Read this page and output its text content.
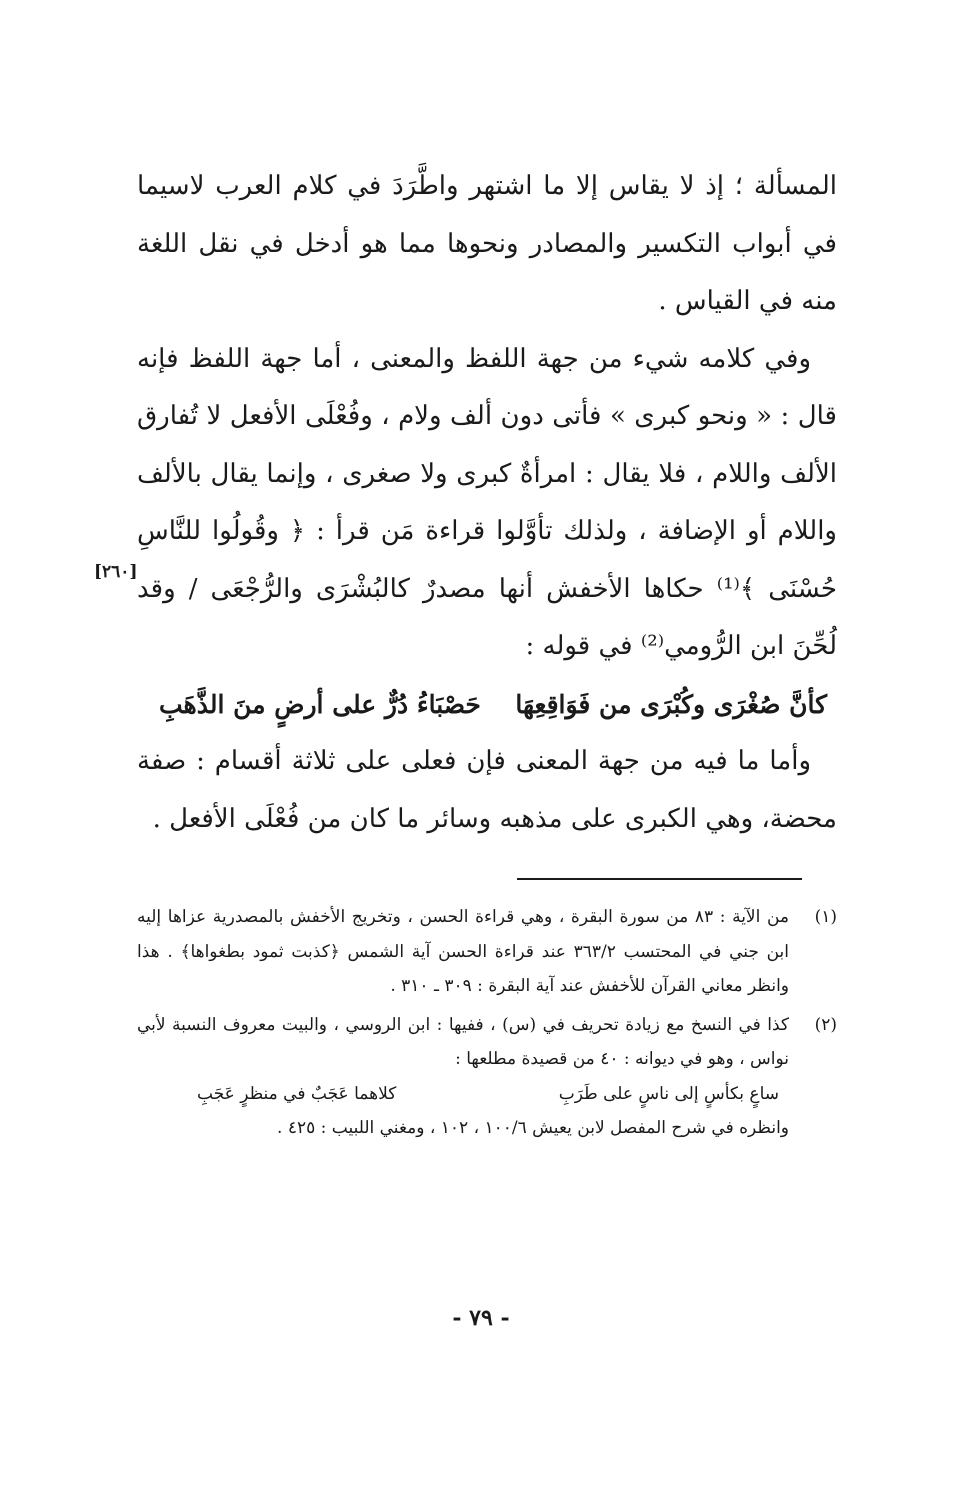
المسألة ؛ إذ لا يقاس إلا ما اشتهر واطَّرَدَ في كلام العرب لاسيما في أبواب التكسير والمصادر ونحوها مما هو أدخل في نقل اللغة منه في القياس .

وفي كلامه شيء من جهة اللفظ والمعنى ، أما جهة اللفظ فإنه قال : « ونحو كبرى » فأتى دون ألف ولام ، وفُعْلَى الأفعل لا تُفارق الألف واللام ، فلا يقال : امرأةٌ كبرى ولا صغرى ، وإنما يقال بالألف واللام أو الإضافة ، ولذلك تأوَّلوا قراءة مَن قرأ : ﴿ وقُولُوا للنَّاسِ حُسْنَى ﴾⁽¹⁾ حكاها الأخفش أنها مصدرٌ كالبُشْرَى والرُّجْعَى / وقد لُحِّنَ ابن الرُّومي⁽²⁾ في قوله :

كأنَّ صُغْرَى وكُبْرَى من فَوَاقِعِهَا
حَصْبَاءُ دُرٌّ على أرضٍ منَ الذَّهَبِ

وأما ما فيه من جهة المعنى فإن فعلى على ثلاثة أقسام : صفة محضة، وهي الكبرى على مذهبه وسائر ما كان من فُعْلَى الأفعل .

[٢٦٠]
(١)
من الآية : ٨٣ من سورة البقرة ، وهي قراءة الحسن ، وتخريج الأخفش بالمصدرية عزاها إليه ابن جني في المحتسب ٣٦٣/٢ عند قراءة الحسن آية الشمس ﴿كذبت ثمود بطغواها﴾ . هذا وانظر معاني القرآن للأخفش عند آية البقرة : ٣٠٩ ـ ٣١٠ .
(٢)
كذا في النسخ مع زيادة تحريف في (س) ، ففيها : ابن الروسي ، والبيت معروف النسبة لأبي نواس ، وهو في ديوانه : ٤٠ من قصيدة مطلعها :
ساعٍ بكأسٍ إلى ناسٍ على طَرَبِ
كلاهما عَجَبٌ في منظرٍ عَجَبِ
وانظره في شرح المفصل لابن يعيش ١٠٠/٦ ، ١٠٢ ، ومغني اللبيب : ٤٢٥ .
- ٧٩ -
